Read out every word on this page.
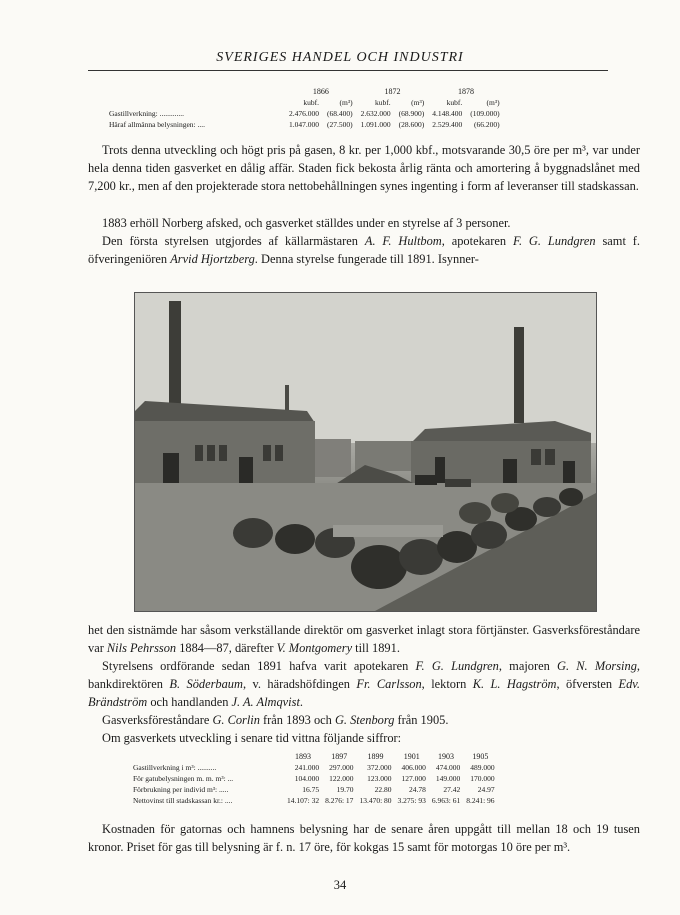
SVERIGES HANDEL OCH INDUSTRI
	1866		1872		1878	
	kubf.	(m³)	kubf.	(m³)	kubf.	(m³)
Gastillverkning: .............	2.476.000	(68.400)	2.632.000	(68.900)	4.148.400	(109.000)
Häraf allmänna belysningen: ....	1.047.000	(27.500)	1.091.000	(28.600)	2.529.400	(66.200)

Trots denna utveckling och högt pris på gasen, 8 kr. per 1,000 kbf., motsvarande 30,5 öre per m³, var under hela denna tiden gasverket en dålig affär. Staden fick bekosta årlig ränta och amortering å byggnadslånet med 7,200 kr., men af den projekterade stora nettobehållningen synes ingenting i form af leveranser till stadskassan.

1883 erhöll Norberg afsked, och gasverket ställdes under en styrelse af 3 personer.

Den första styrelsen utgjordes af källarmästaren A. F. Hultbom, apotekaren F. G. Lundgren samt f. öfveringeniören Arvid Hjortzberg. Denna styrelse fungerade till 1891. Isynner-

het den sistnämde har såsom verkställande direktör om gasverket inlagt stora förtjänster. Gasverksföreståndare var Nils Pehrsson 1884—87, därefter V. Montgomery till 1891.

Styrelsens ordförande sedan 1891 hafva varit apotekaren F. G. Lundgren, majoren G. N. Morsing, bankdirektören B. Söderbaum, v. häradshöfdingen Fr. Carlsson, lektorn K. L. Hagström, öfversten Edv. Brändström och handlanden J. A. Almqvist.

Gasverksföreståndare G. Corlin från 1893 och G. Stenborg från 1905.

Om gasverkets utveckling i senare tid vittna följande siffror:

	1893	1897	1899	1901	1903	1905
Gastillverkning i m³: ..........	241.000	297.000	372.000	406.000	474.000	489.000
För gatubelysningen m. m. m³: ...	104.000	122.000	123.000	127.000	149.000	170.000
Förbrukning per individ m³: .....	16.75	19.70	22.80	24.78	27.42	24.97
Nettovinst till stadskassan kr.: ....	14.107: 32	8.276: 17	13.470: 80	3.275: 93	6.963: 61	8.241: 96

Kostnaden för gatornas och hamnens belysning har de senare åren uppgått till mellan 18 och 19 tusen kronor. Priset för gas till belysning är f. n. 17 öre, för kokgas 15 samt för motorgas 10 öre per m³.

34
